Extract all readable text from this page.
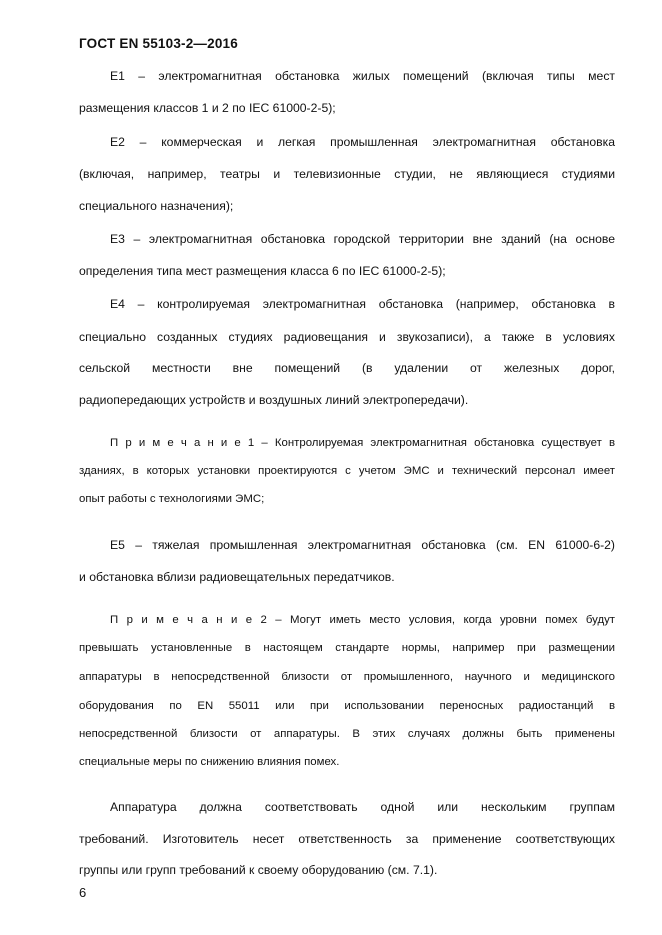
ГОСТ EN 55103-2—2016
E1 – электромагнитная обстановка жилых помещений (включая типы мест
размещения классов 1 и 2 по IEC 61000-2-5);
E2 – коммерческая и легкая промышленная электромагнитная обстановка
(включая, например, театры и телевизионные студии, не являющиеся студиями
специального назначения);
E3 – электромагнитная обстановка городской территории вне зданий (на основе
определения типа мест размещения класса 6 по IEC 61000-2-5);
E4 – контролируемая электромагнитная обстановка (например, обстановка в
специально созданных студиях радиовещания и звукозаписи), а также в условиях
сельской местности вне помещений (в удалении от железных дорог,
радиопередающих устройств и воздушных линий электропередачи).
П р и м е ч а н и е 1 – Контролируемая электромагнитная обстановка существует в
зданиях, в которых установки проектируются с учетом ЭМС и технический персонал имеет
опыт работы с технологиями ЭМС;
E5 – тяжелая промышленная электромагнитная обстановка (см. EN 61000-6-2)
и обстановка вблизи радиовещательных передатчиков.
П р и м е ч а н и е 2 – Могут иметь место условия, когда уровни помех будут
превышать установленные в настоящем стандарте нормы, например при размещении
аппаратуры в непосредственной близости от промышленного, научного и медицинского
оборудования по EN 55011 или при использовании переносных радиостанций в
непосредственной близости от аппаратуры. В этих случаях должны быть применены
специальные меры по снижению влияния помех.
Аппаратура должна соответствовать одной или нескольким группам
требований. Изготовитель несет ответственность за применение соответствующих
группы или групп требований к своему оборудованию (см. 7.1).
6
